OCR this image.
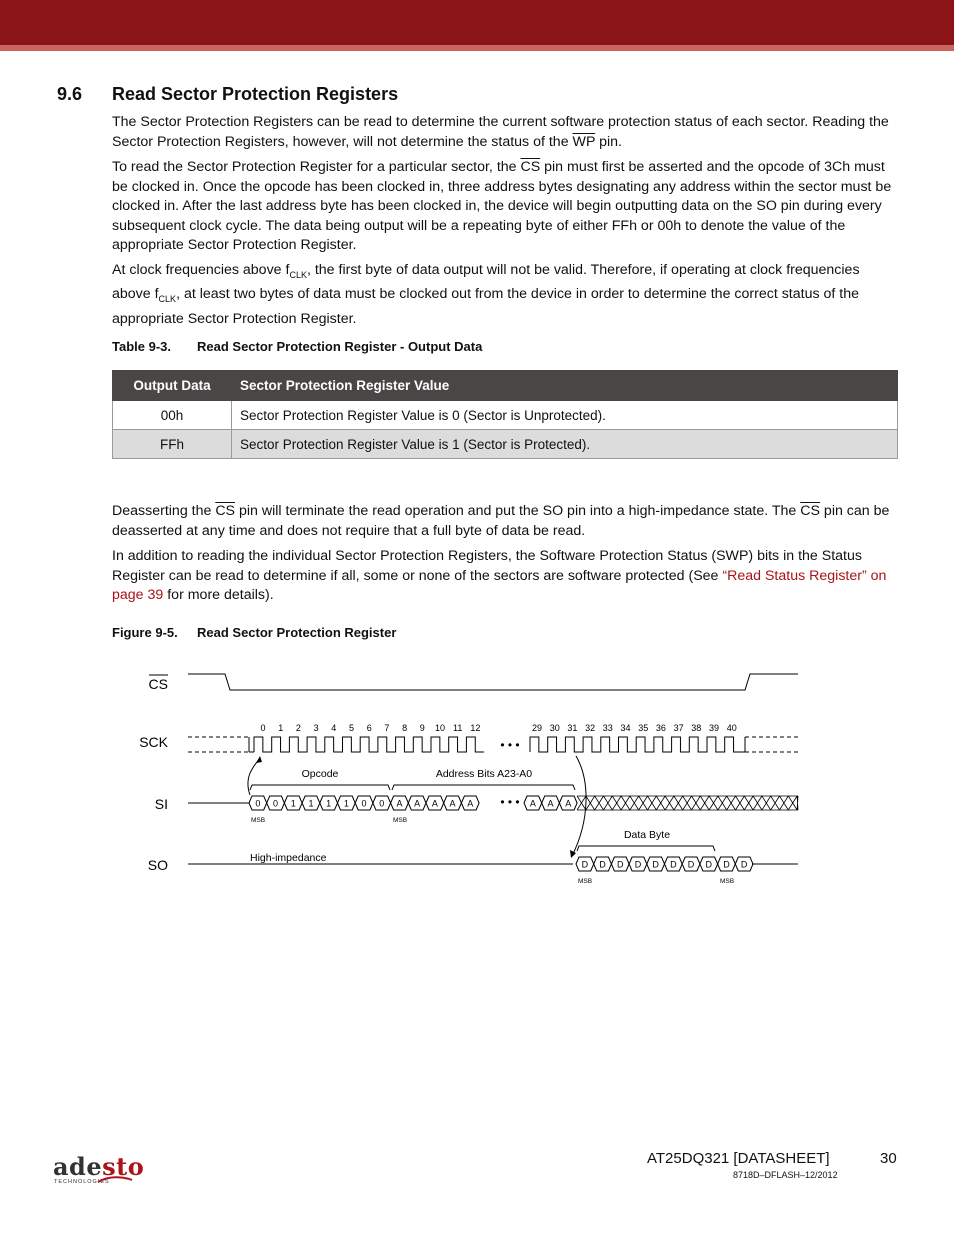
9.6 Read Sector Protection Registers
The Sector Protection Registers can be read to determine the current software protection status of each sector. Reading the Sector Protection Registers, however, will not determine the status of the $\overline{WP}$ pin.
To read the Sector Protection Register for a particular sector, the $\overline{CS}$ pin must first be asserted and the opcode of 3Ch must be clocked in. Once the opcode has been clocked in, three address bytes designating any address within the sector must be clocked in. After the last address byte has been clocked in, the device will begin outputting data on the SO pin during every subsequent clock cycle. The data being output will be a repeating byte of either FFh or 00h to denote the value of the appropriate Sector Protection Register.
At clock frequencies above $f_{CLK}$, the first byte of data output will not be valid. Therefore, if operating at clock frequencies above $f_{CLK}$, at least two bytes of data must be clocked out from the device in order to determine the correct status of the appropriate Sector Protection Register.
Table 9-3. Read Sector Protection Register - Output Data
Output Data	Sector Protection Register Value
00h	Sector Protection Register Value is 0 (Sector is Unprotected).
FFh	Sector Protection Register Value is 1 (Sector is Protected).
Deasserting the $\overline{CS}$ pin will terminate the read operation and put the SO pin into a high-impedance state. The $\overline{CS}$ pin can be deasserted at any time and does not require that a full byte of data be read.
In addition to reading the individual Sector Protection Registers, the Software Protection Status (SWP) bits in the Status Register can be read to determine if all, some or none of the sectors are software protected (See “Read Status Register” on page 39 for more details).
Figure 9-5. Read Sector Protection Register
CS
SCK
SI
SO
0 1 2 3 4 5 6 7 8 9 10 11 12	29 30 31 32 33 34 35 36 37 38 39 40
• • •
0 0 1 1 1 1 0 0 A A A A A	A A A
• • •
Opcode	Address Bits A23-A0
MSB	MSB
High-impedance
D D D D D D D D D D
Data Byte
MSB	MSB
adesto
TECHNOLOGIES
AT25DQ321 [DATASHEET]	30
8718D–DFLASH–12/2012
